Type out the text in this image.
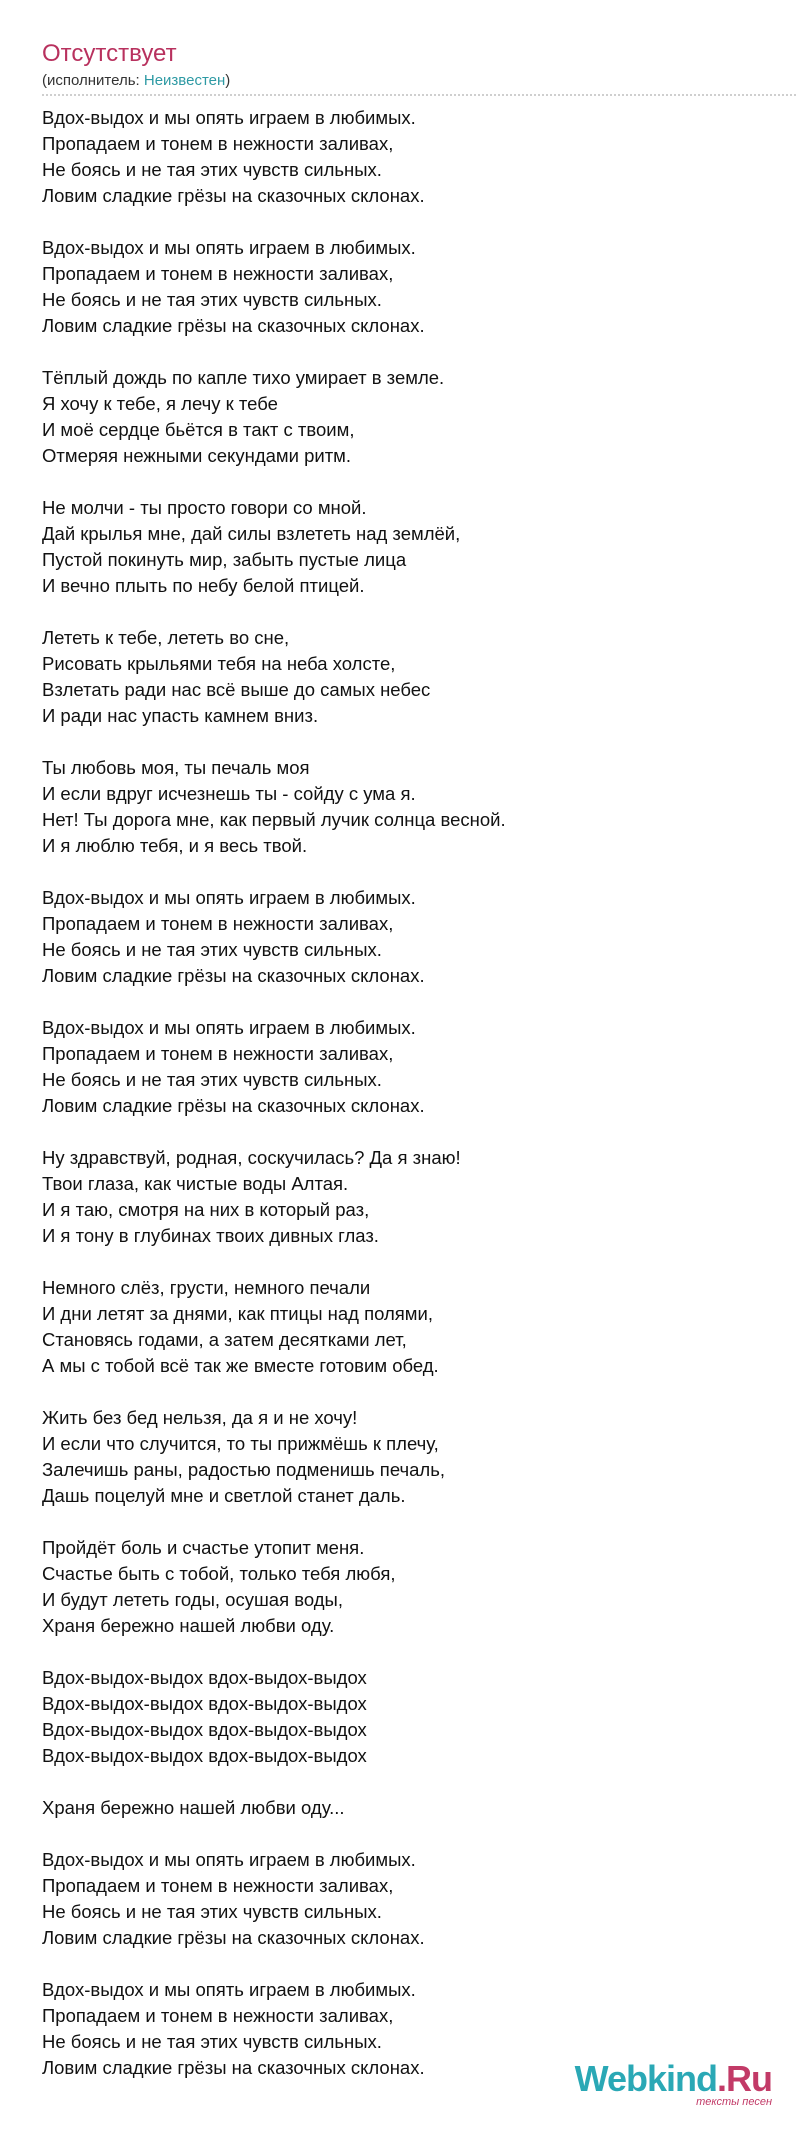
Отсутствует
(исполнитель: Неизвестен)
Вдох-выдох и мы опять играем в любимых.
Пропадаем и тонем в нежности заливах,
Не боясь и не тая этих чувств сильных.
Ловим сладкие грёзы на сказочных склонах.
Вдох-выдох и мы опять играем в любимых.
Пропадаем и тонем в нежности заливах,
Не боясь и не тая этих чувств сильных.
Ловим сладкие грёзы на сказочных склонах.
Тёплый дождь по капле тихо умирает в земле.
Я хочу к тебе, я лечу к тебе
И моё сердце бьётся в такт с твоим,
Отмеряя нежными секундами ритм.
Не молчи - ты просто говори со мной.
Дай крылья мне, дай силы взлететь над землёй,
Пустой покинуть мир, забыть пустые лица
И вечно плыть по небу белой птицей.
Лететь к тебе, лететь во сне,
Рисовать крыльями тебя на неба холсте,
Взлетать ради нас всё выше до самых небес
И ради нас упасть камнем вниз.
Ты любовь моя, ты печаль моя
И если вдруг исчезнешь ты - сойду с ума я.
Нет! Ты дорога мне, как первый лучик солнца весной.
И я люблю тебя, и я весь твой.
Вдох-выдох и мы опять играем в любимых.
Пропадаем и тонем в нежности заливах,
Не боясь и не тая этих чувств сильных.
Ловим сладкие грёзы на сказочных склонах.
Вдох-выдох и мы опять играем в любимых.
Пропадаем и тонем в нежности заливах,
Не боясь и не тая этих чувств сильных.
Ловим сладкие грёзы на сказочных склонах.
Ну здравствуй, родная, соскучилась? Да я знаю!
Твои глаза, как чистые воды Алтая.
И я таю, смотря на них в который раз,
И я тону в глубинах твоих дивных глаз.
Немного слёз, грусти, немного печали
И дни летят за днями, как птицы над полями,
Становясь годами, а затем десятками лет,
А мы с тобой всё так же вместе готовим обед.
Жить без бед нельзя, да я и не хочу!
И если что случится, то ты прижмёшь к плечу,
Залечишь раны, радостью подменишь печаль,
Дашь поцелуй мне и светлой станет даль.
Пройдёт боль и счастье утопит меня.
Счастье быть с тобой, только тебя любя,
И будут лететь годы, осушая воды,
Храня бережно нашей любви оду.
Вдох-выдох-выдох вдох-выдох-выдох
Вдох-выдох-выдох вдох-выдох-выдох
Вдох-выдох-выдох вдох-выдох-выдох
Вдох-выдох-выдох вдох-выдох-выдох
Храня бережно нашей любви оду...
Вдох-выдох и мы опять играем в любимых.
Пропадаем и тонем в нежности заливах,
Не боясь и не тая этих чувств сильных.
Ловим сладкие грёзы на сказочных склонах.
Вдох-выдох и мы опять играем в любимых.
Пропадаем и тонем в нежности заливах,
Не боясь и не тая этих чувств сильных.
Ловим сладкие грёзы на сказочных склонах.	Webkind.Ru
тексты песен
